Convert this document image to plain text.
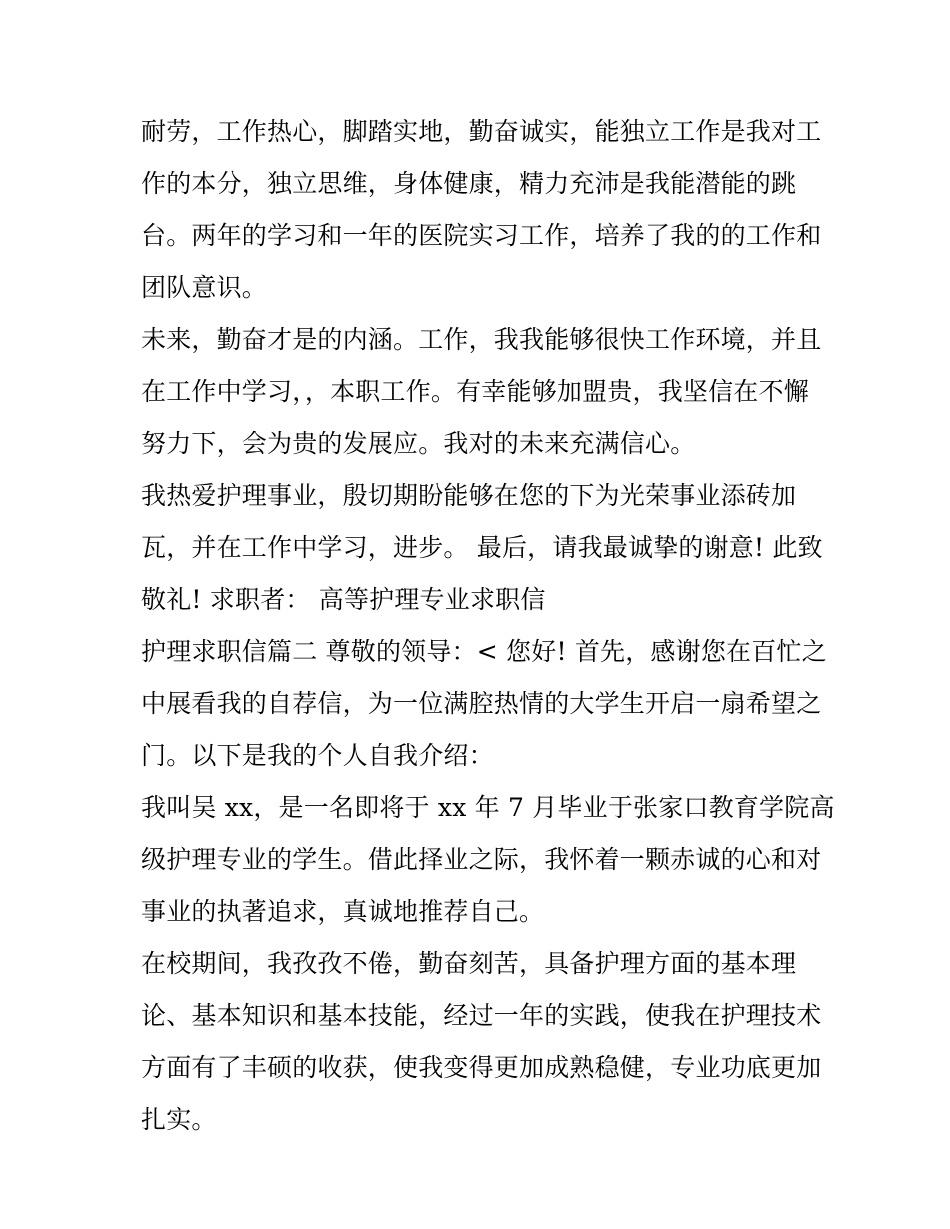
耐劳，工作热心，脚踏实地，勤奋诚实，能独立工作是我对工
作的本分，独立思维，身体健康，精力充沛是我能潜能的跳
台。两年的学习和一年的医院实习工作，培养了我的的工作和
团队意识。
未来，勤奋才是的内涵。工作，我我能够很快工作环境，并且
在工作中学习，，本职工作。有幸能够加盟贵，我坚信在不懈
努力下，会为贵的发展应。我对的未来充满信心。
我热爱护理事业，殷切期盼能够在您的下为光荣事业添砖加
瓦，并在工作中学习，进步。 最后，请我最诚挚的谢意! 此致
敬礼! 求职者： 高等护理专业求职信
护理求职信篇二 尊敬的领导：< 您好! 首先，感谢您在百忙之
中展看我的自荐信，为一位满腔热情的大学生开启一扇希望之
门。以下是我的个人自我介绍：
我叫吴 xx，是一名即将于 xx 年 7 月毕业于张家口教育学院高
级护理专业的学生。借此择业之际，我怀着一颗赤诚的心和对
事业的执著追求，真诚地推荐自己。
在校期间，我孜孜不倦，勤奋刻苦，具备护理方面的基本理
论、基本知识和基本技能，经过一年的实践，使我在护理技术
方面有了丰硕的收获，使我变得更加成熟稳健，专业功底更加
扎实。
